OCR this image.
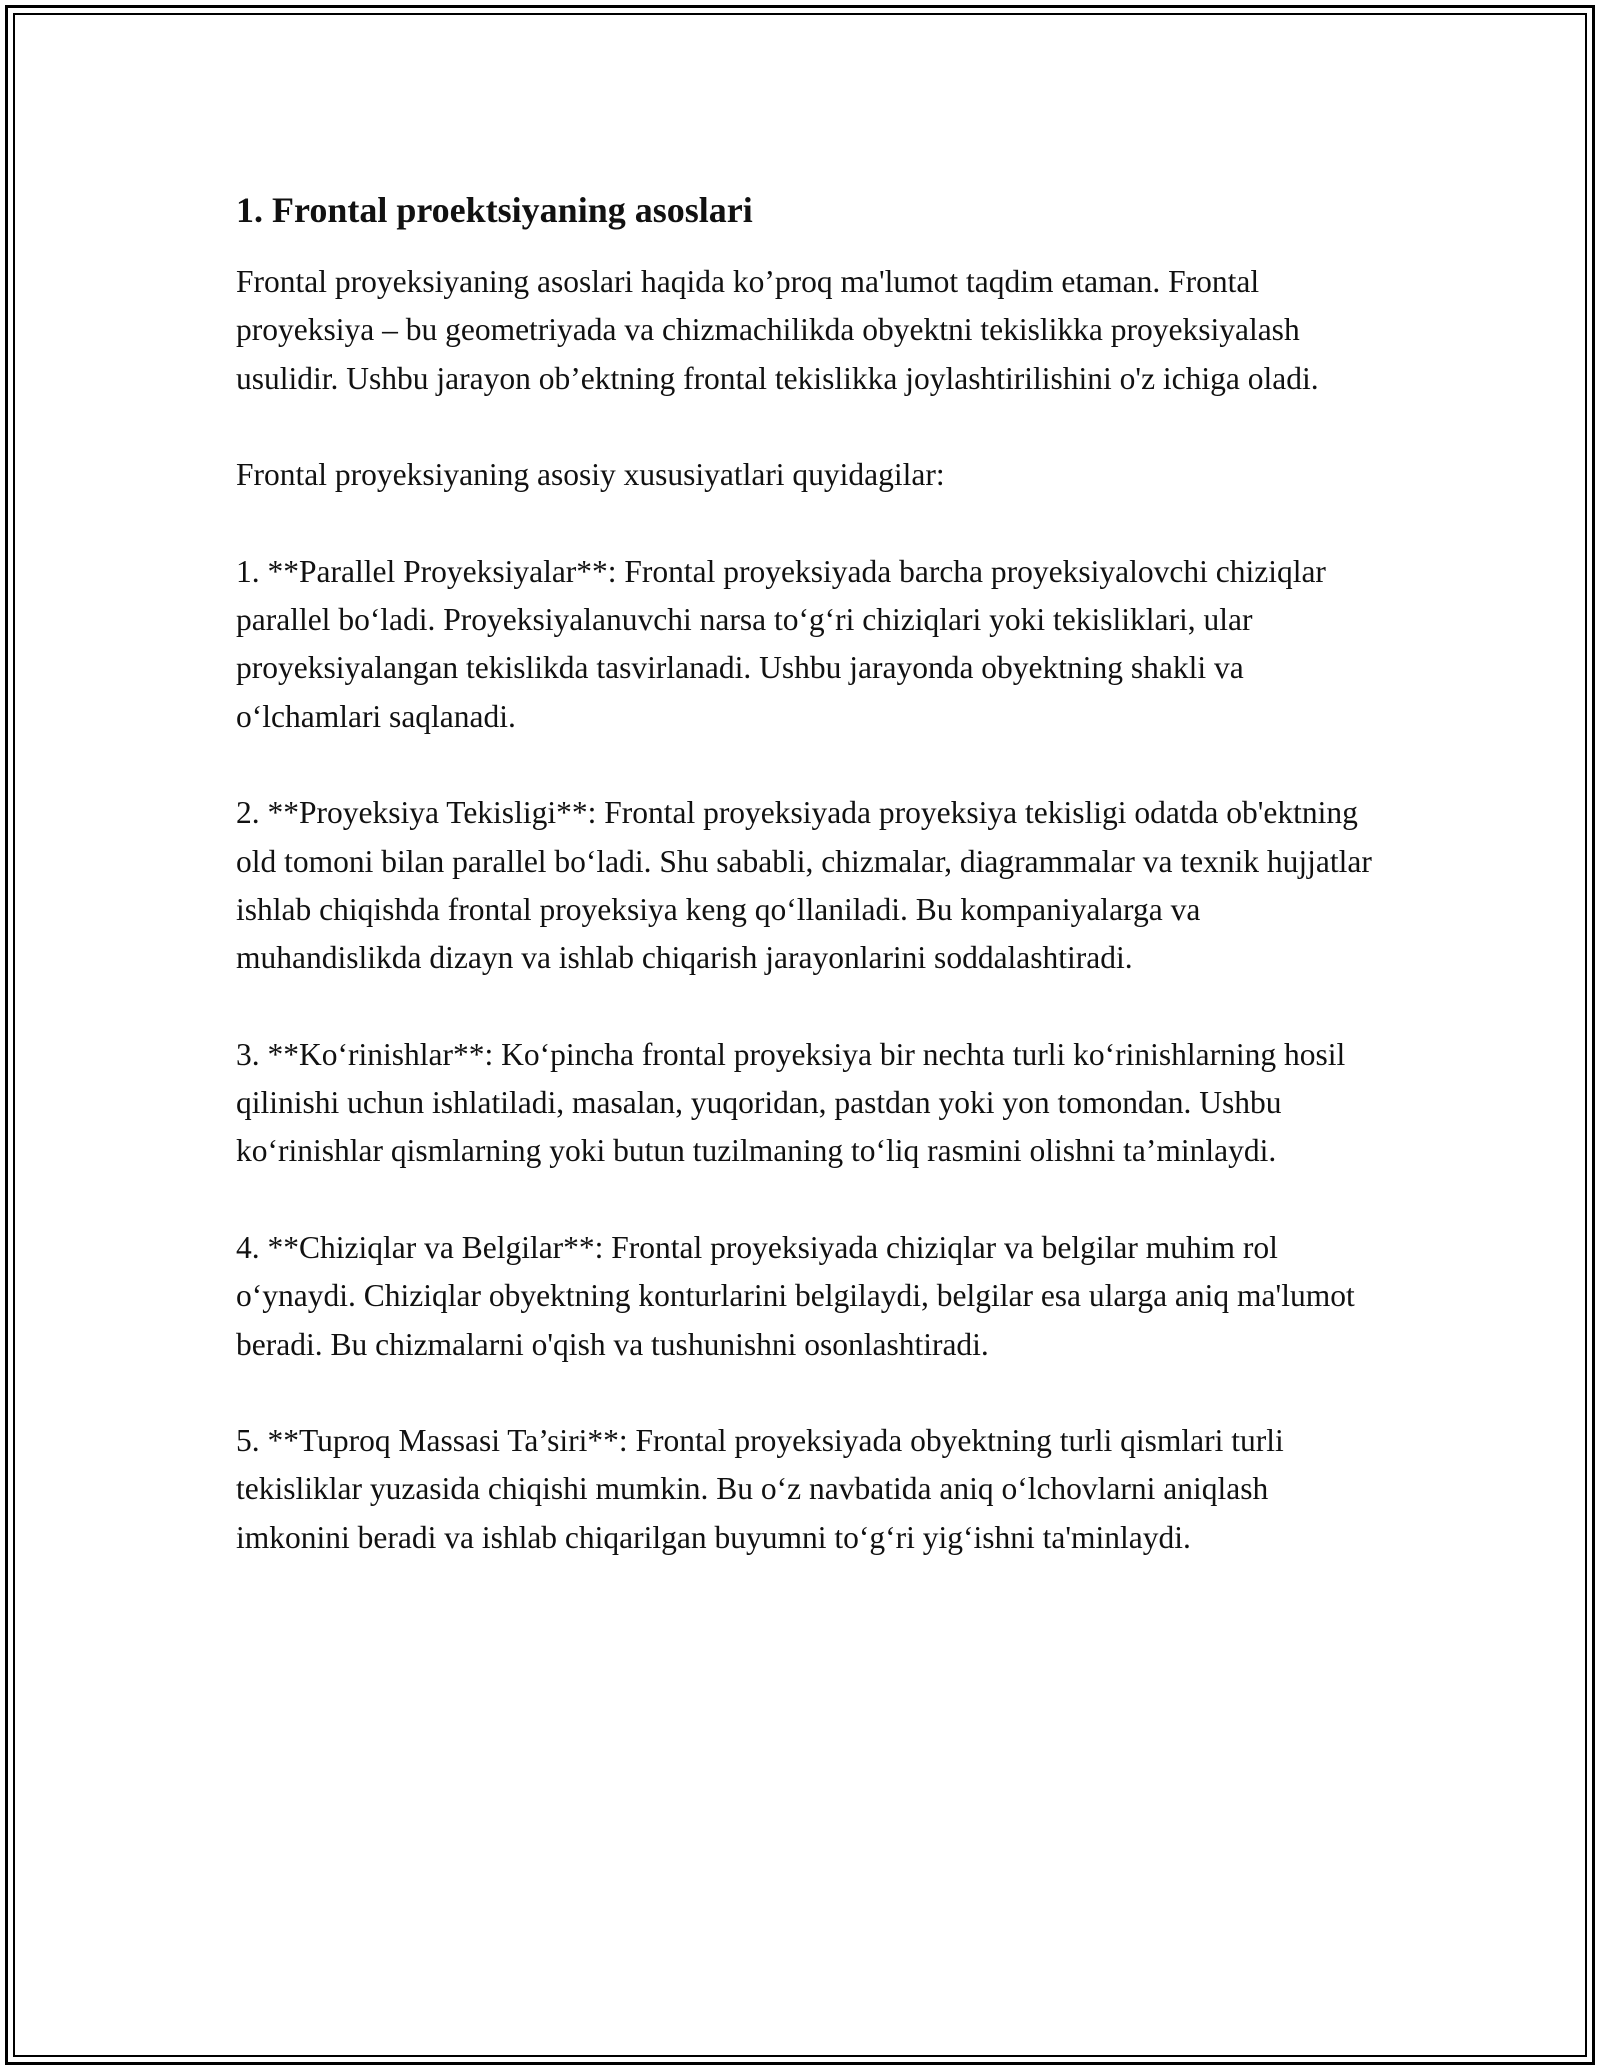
1. Frontal proektsiyaning asoslari

Frontal proyeksiyaning asoslari haqida ko’proq ma'lumot taqdim etaman. Frontal proyeksiya – bu geometriyada va chizmachilikda obyektni tekislikka proyeksiyalash usulidir. Ushbu jarayon ob’ektning frontal tekislikka joylashtirilishini o'z ichiga oladi.

Frontal proyeksiyaning asosiy xususiyatlari quyidagilar:

1. **Parallel Proyeksiyalar**: Frontal proyeksiyada barcha proyeksiyalovchi chiziqlar parallel bo‘ladi. Proyeksiyalanuvchi narsa to‘g‘ri chiziqlari yoki tekisliklari, ular proyeksiyalangan tekislikda tasvirlanadi. Ushbu jarayonda obyektning shakli va o‘lchamlari saqlanadi.

2. **Proyeksiya Tekisligi**: Frontal proyeksiyada proyeksiya tekisligi odatda ob'ektning old tomoni bilan parallel bo‘ladi. Shu sababli, chizmalar, diagrammalar va texnik hujjatlar ishlab chiqishda frontal proyeksiya keng qo‘llaniladi. Bu kompaniyalarga va muhandislikda dizayn va ishlab chiqarish jarayonlarini soddalashtiradi.

3. **Ko‘rinishlar**: Ko‘pincha frontal proyeksiya bir nechta turli ko‘rinishlarning hosil qilinishi uchun ishlatiladi, masalan, yuqoridan, pastdan yoki yon tomondan. Ushbu ko‘rinishlar qismlarning yoki butun tuzilmaning to‘liq rasmini olishni ta’minlaydi.

4. **Chiziqlar va Belgilar**: Frontal proyeksiyada chiziqlar va belgilar muhim rol o‘ynaydi. Chiziqlar obyektning konturlarini belgilaydi, belgilar esa ularga aniq ma'lumot beradi. Bu chizmalarni o'qish va tushunishni osonlashtiradi.

5. **Tuproq Massasi Ta’siri**: Frontal proyeksiyada obyektning turli qismlari turli tekisliklar yuzasida chiqishi mumkin. Bu o‘z navbatida aniq o‘lchovlarni aniqlash imkonini beradi va ishlab chiqarilgan buyumni to‘g‘ri yig‘ishni ta'minlaydi.
